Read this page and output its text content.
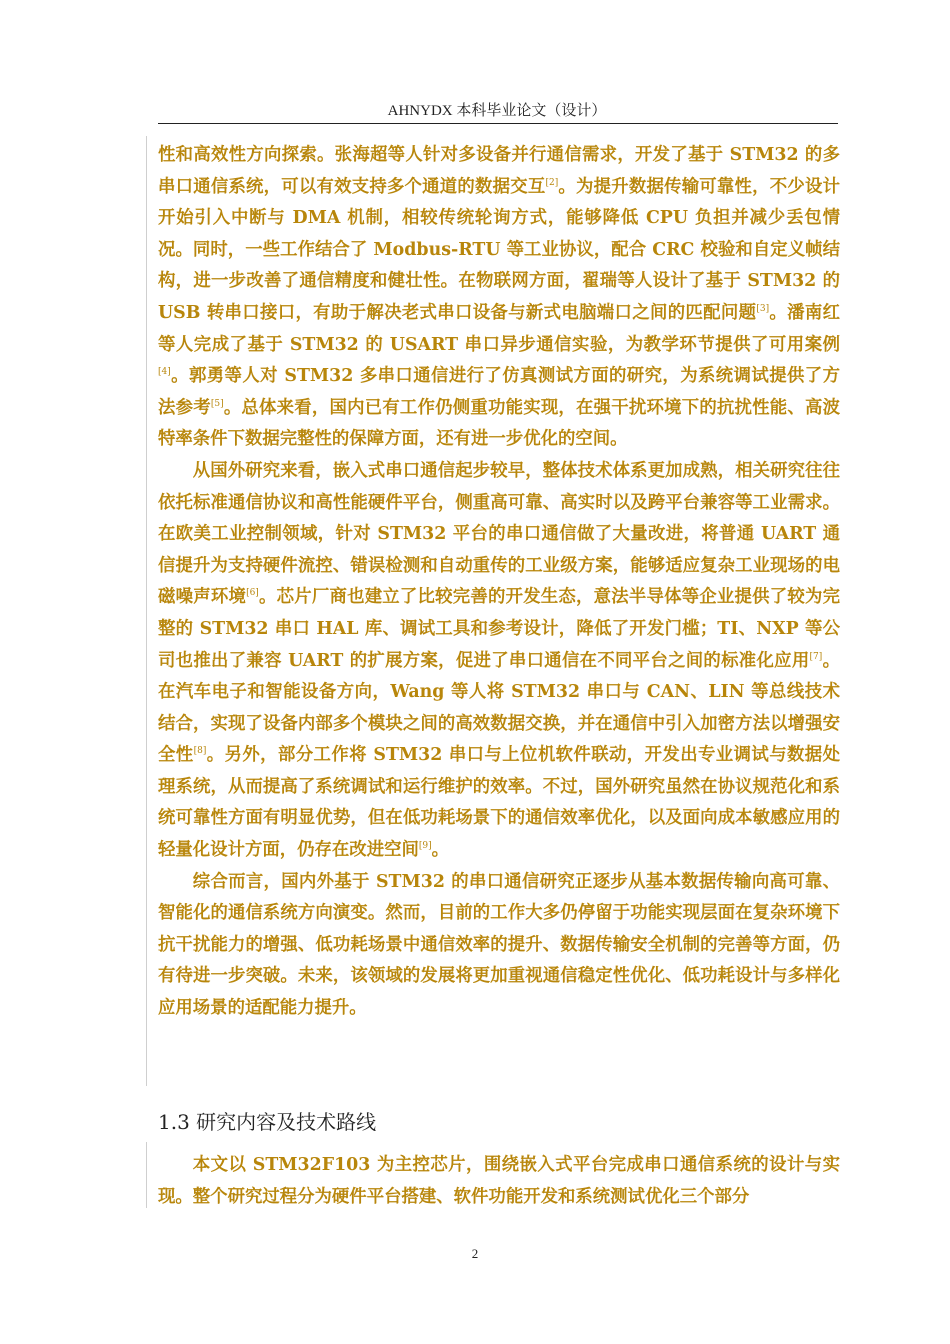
AHNYDX 本科毕业论文（设计）

性和高效性方向探索。张海超等人针对多设备并行通信需求，开发了基于 STM32 的多串口通信系统，可以有效支持多个通道的数据交互[2]。为提升数据传输可靠性，不少设计开始引入中断与 DMA 机制，相较传统轮询方式，能够降低 CPU 负担并减少丢包情况。同时，一些工作结合了 Modbus-RTU 等工业协议，配合 CRC 校验和自定义帧结构，进一步改善了通信精度和健壮性。在物联网方面，翟瑞等人设计了基于 STM32 的 USB 转串口接口，有助于解决老式串口设备与新式电脑端口之间的匹配问题[3]。潘南红等人完成了基于 STM32 的 USART 串口异步通信实验，为教学环节提供了可用案例[4]。郭勇等人对 STM32 多串口通信进行了仿真测试方面的研究，为系统调试提供了方法参考[5]。总体来看，国内已有工作仍侧重功能实现，在强干扰环境下的抗扰性能、高波特率条件下数据完整性的保障方面，还有进一步优化的空间。

从国外研究来看，嵌入式串口通信起步较早，整体技术体系更加成熟，相关研究往往依托标准通信协议和高性能硬件平台，侧重高可靠、高实时以及跨平台兼容等工业需求。在欧美工业控制领域，针对 STM32 平台的串口通信做了大量改进，将普通 UART 通信提升为支持硬件流控、错误检测和自动重传的工业级方案，能够适应复杂工业现场的电磁噪声环境[6]。芯片厂商也建立了比较完善的开发生态，意法半导体等企业提供了较为完整的 STM32 串口 HAL 库、调试工具和参考设计，降低了开发门槛；TI、NXP 等公司也推出了兼容 UART 的扩展方案，促进了串口通信在不同平台之间的标准化应用[7]。在汽车电子和智能设备方向，Wang 等人将 STM32 串口与 CAN、LIN 等总线技术结合，实现了设备内部多个模块之间的高效数据交换，并在通信中引入加密方法以增强安全性[8]。另外，部分工作将 STM32 串口与上位机软件联动，开发出专业调试与数据处理系统，从而提高了系统调试和运行维护的效率。不过，国外研究虽然在协议规范化和系统可靠性方面有明显优势，但在低功耗场景下的通信效率优化，以及面向成本敏感应用的轻量化设计方面，仍存在改进空间[9]。

综合而言，国内外基于 STM32 的串口通信研究正逐步从基本数据传输向高可靠、智能化的通信系统方向演变。然而，目前的工作大多仍停留于功能实现层面在复杂环境下抗干扰能力的增强、低功耗场景中通信效率的提升、数据传输安全机制的完善等方面，仍有待进一步突破。未来，该领域的发展将更加重视通信稳定性优化、低功耗设计与多样化应用场景的适配能力提升。

1.3 研究内容及技术路线

本文以 STM32F103 为主控芯片，围绕嵌入式平台完成串口通信系统的设计与实现。整个研究过程分为硬件平台搭建、软件功能开发和系统测试优化三个部分

2
